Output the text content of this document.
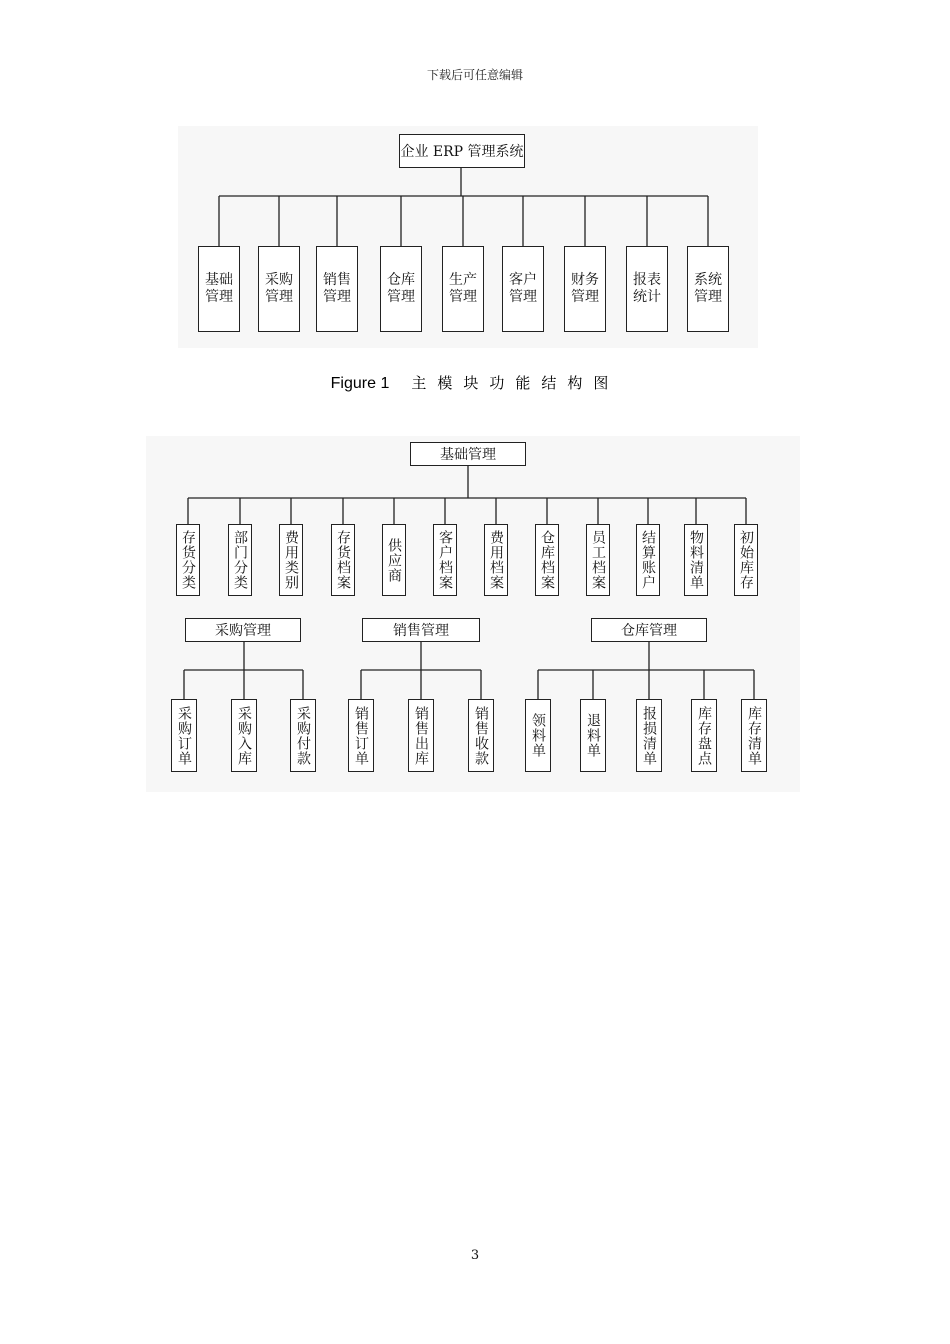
下载后可任意编辑
企业 ERP 管理系统
基础
管理
采购
管理
销售
管理
仓库
管理
生产
管理
客户
管理
财务
管理
报表
统计
系统
管理
Figure 1 主模块功能结构图
基础管理
存货分类	部门分类	费用类别	存货档案	供应商	客户档案	费用档案	仓库档案	员工档案 结算账户 物料清单 初始库存
采购管理	销售管理	仓库管理
采购订单	采购入库	采购付款	销售订单	销售出库	销售收款	领料单	退料单	报损清单	库存盘点	库存清单
3
